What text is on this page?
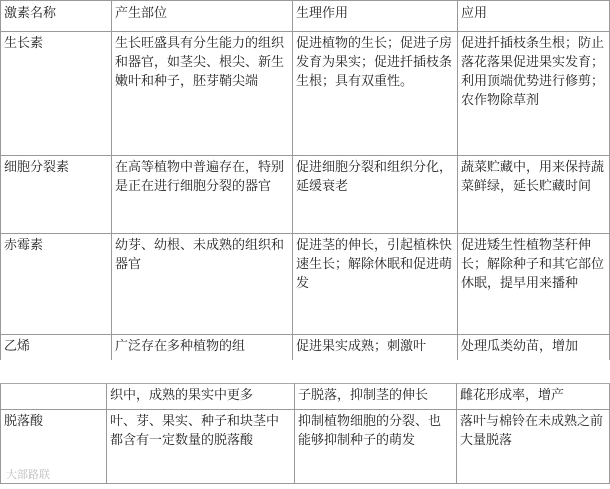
激素名称	产生部位	生理作用	应用
生长素	生长旺盛具有分生能力的组织和器官，如茎尖、根尖、新生嫩叶和种子，胚芽鞘尖端	促进植物的生长；促进子房发育为果实；促进扦插枝条生根；具有双重性。	促进扦插枝条生根；防止落花落果促进果实发育；利用顶端优势进行修剪；农作物除草剂
细胞分裂素	在高等植物中普遍存在，特别是正在进行细胞分裂的器官	促进细胞分裂和组织分化，延缓衰老	蔬菜贮藏中，用来保持蔬菜鲜绿，延长贮藏时间
赤霉素	幼芽、幼根、未成熟的组织和器官	促进茎的伸长，引起植株快速生长；解除休眠和促进萌发	促进矮生性植物茎秆伸长；解除种子和其它部位休眠，提早用来播种
乙烯	广泛存在多种植物的组	促进果实成熟；刺激叶	处理瓜类幼苗，增加
	织中，成熟的果实中更多	子脱落，抑制茎的伸长	雌花形成率，增产
脱落酸	叶、芽、果实、种子和块茎中都含有一定数量的脱落酸	抑制植物细胞的分裂、也能够抑制种子的萌发	落叶与棉铃在未成熟之前大量脱落
大部路联
